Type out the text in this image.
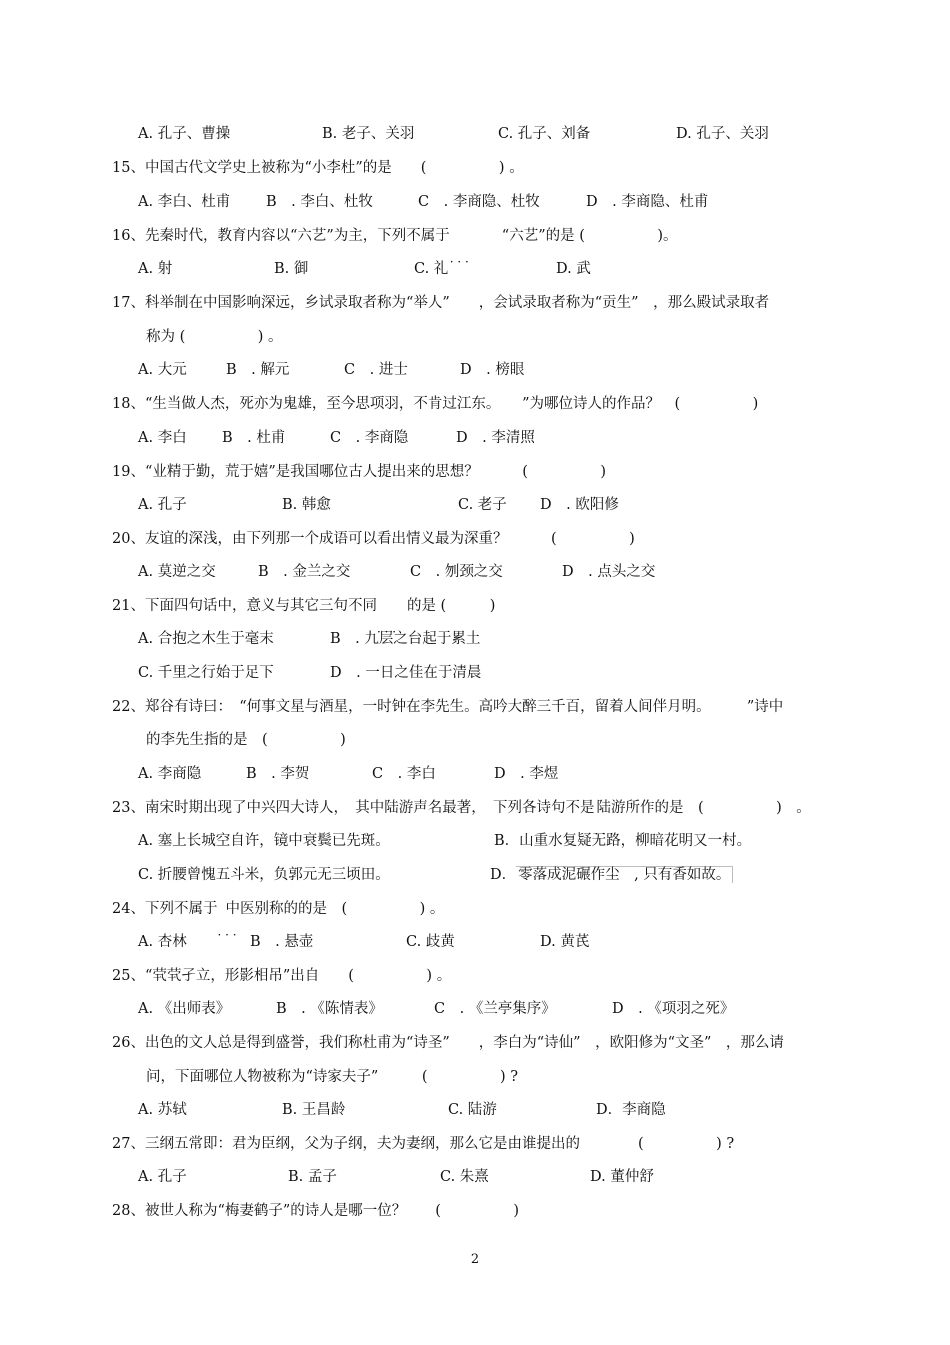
A. 孔子、曹操	B. 老子、关羽	C. 孔子、刘备	D. 孔子、关羽
15、中国古代文学史上被称为“小李杜”的是　　(　　　　　) 。
A. 李白、杜甫 B　. 李白、杜牧	C　. 李商隐、杜牧	D　. 李商隐、杜甫
16、先秦时代，教育内容以“六艺”为主，下列不属于	“六艺”的是 (　　　　　)。
A. 射	B. 御	C. 礼	D. 武
17、科举制在中国影响深远，乡试录取者称为“举人”　　，会试录取者称为“贡生”　，那么殿试录取者
称为 (　　　　　) 。
A. 大元	B　. 解元	C　. 进士	D　. 榜眼
18、“生当做人杰，死亦为鬼雄，至今思项羽，不肯过江东。　　”为哪位诗人的作品？　(　　　　　)
A. 李白 B　. 杜甫	C　. 李商隐	D　. 李清照
19、“业精于勤，荒于嬉”是我国哪位古人提出来的思想？　　　(　　　　　)
A. 孔子	B. 韩愈	C. 老子 D　. 欧阳修
20、友谊的深浅，由下列那一个成语可以看出情义最为深重？　　　(　　　　　)
A. 莫逆之交	B　. 金兰之交	C　. 刎颈之交	D　. 点头之交
21、下面四句话中，意义与其它三句不同 的是 (　　　)
A. 合抱之木生于毫末	B　. 九层之台起于累土
C. 千里之行始于足下	D　. 一日之佳在于清晨
22、郑谷有诗曰：　“何事文星与酒星，一时钟在李先生。高吟大醉三千百，留着人间伴月明。　　　”诗中
的李先生指的是　(　　　　　)
A. 李商隐	B　. 李贺	C　. 李白	D　. 李煜
23、南宋时期出现了中兴四大诗人，　其中陆游声名最著，　下列各诗句不是 陆游所作的是　(　　　　　)　。
A. 塞上长城空自许，镜中衰鬓已先斑。	B．山重水复疑无路，柳暗花明又一村。
C. 折腰曾愧五斗米，负郭元无三顷田。	D． 零落成泥碾作尘　, 只有香如故。
24、下列不属于 中医别称的的是　(　　　　　) 。
A. 杏林	B　. 悬壶	C. 歧黄	D. 黄芪
25、“茕茕孑立，形影相吊”出自　　(　　　　　) 。
A. 《出师表》	B　. 《陈情表》	C　. 《兰亭集序》	D　. 《项羽之死》
26、出色的文人总是得到盛誉，我们称杜甫为“诗圣”　　，李白为“诗仙”　，欧阳修为“文圣”　，那么请
问，下面哪位人物被称为“诗家夫子”　　　(　　　　　) ?
A. 苏轼	B. 王昌龄	C. 陆游	D．李商隐
27、三纲五常即：君为臣纲，父为子纲，夫为妻纲，那么它是由谁提出的　　　　(　　　　　) ?
A. 孔子	B. 孟子	C. 朱熹	D. 董仲舒
28、被世人称为“梅妻鹤子”的诗人是哪一位？　　(　　　　　)
2
